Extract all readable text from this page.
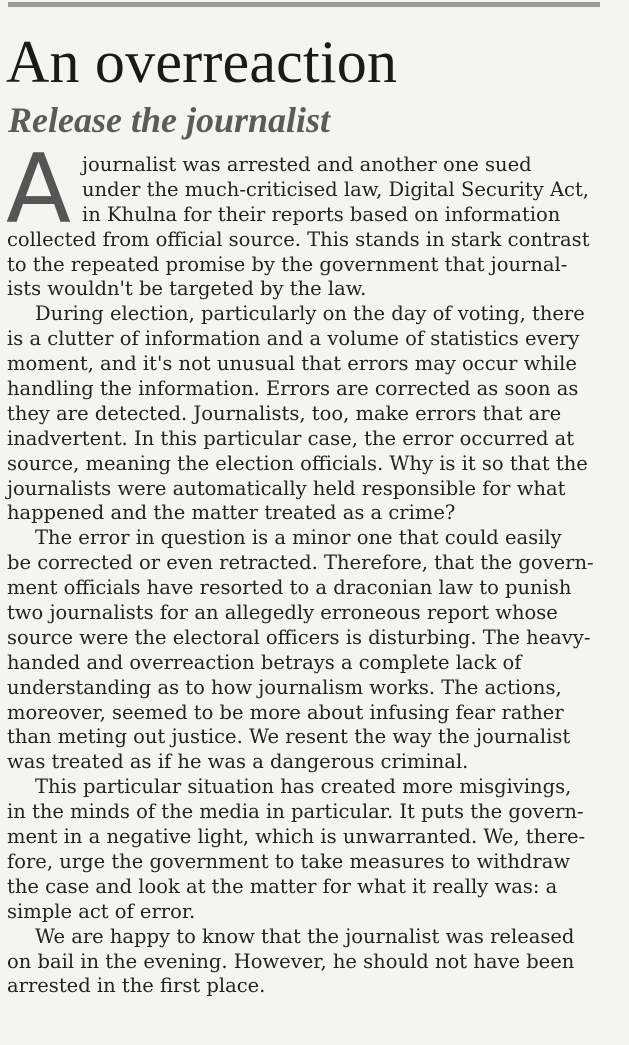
An overreaction
Release the journalist
A journalist was arrested and another one sued
under the much-criticised law, Digital Security Act,
in Khulna for their reports based on information
collected from official source. This stands in stark contrast
to the repeated promise by the government that journal-
ists wouldn't be targeted by the law.
During election, particularly on the day of voting, there
is a clutter of information and a volume of statistics every
moment, and it's not unusual that errors may occur while
handling the information. Errors are corrected as soon as
they are detected. Journalists, too, make errors that are
inadvertent. In this particular case, the error occurred at
source, meaning the election officials. Why is it so that the
journalists were automatically held responsible for what
happened and the matter treated as a crime?
The error in question is a minor one that could easily
be corrected or even retracted. Therefore, that the govern-
ment officials have resorted to a draconian law to punish
two journalists for an allegedly erroneous report whose
source were the electoral officers is disturbing. The heavy-
handed and overreaction betrays a complete lack of
understanding as to how journalism works. The actions,
moreover, seemed to be more about infusing fear rather
than meting out justice. We resent the way the journalist
was treated as if he was a dangerous criminal.
This particular situation has created more misgivings,
in the minds of the media in particular. It puts the govern-
ment in a negative light, which is unwarranted. We, there-
fore, urge the government to take measures to withdraw
the case and look at the matter for what it really was: a
simple act of error.
We are happy to know that the journalist was released
on bail in the evening. However, he should not have been
arrested in the first place.
